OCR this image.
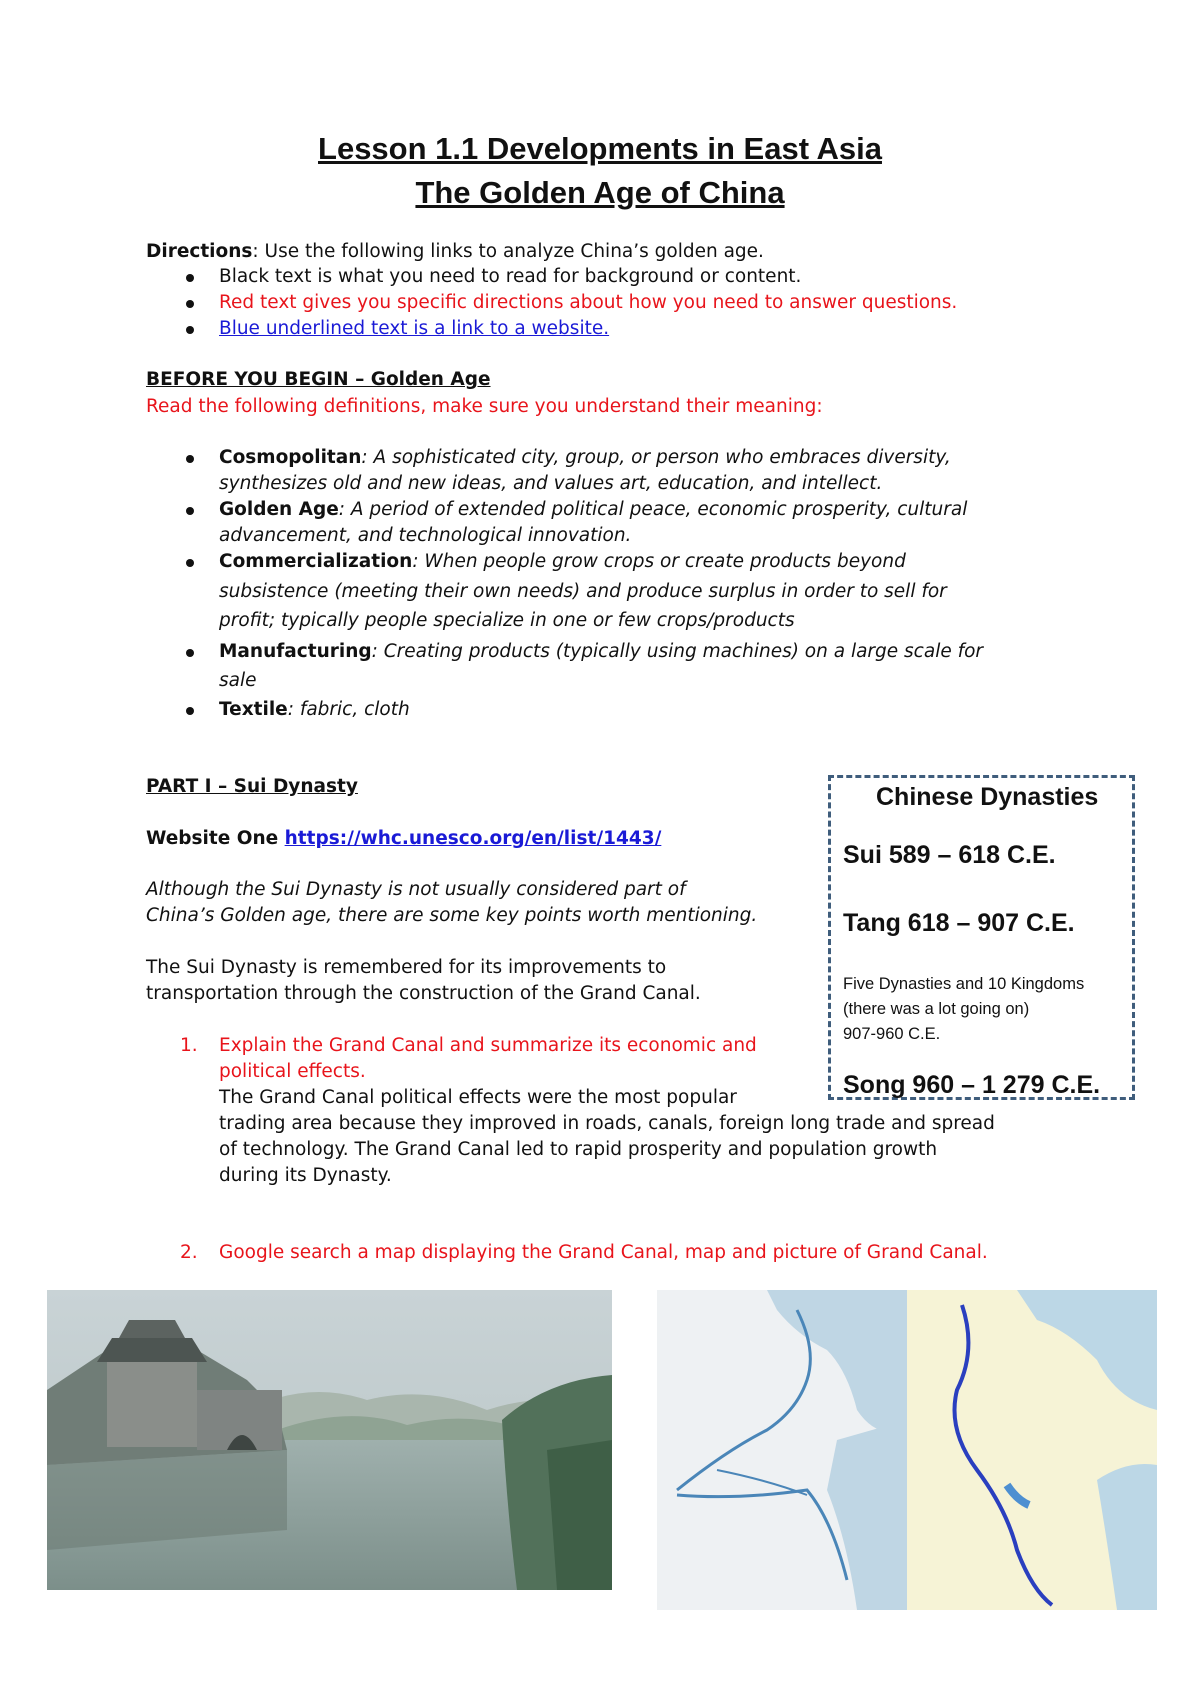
Lesson 1.1 Developments in East Asia
The Golden Age of China
Directions: Use the following links to analyze China’s golden age.
Black text is what you need to read for background or content.
Red text gives you specific directions about how you need to answer questions.
Blue underlined text is a link to a website.
BEFORE YOU BEGIN – Golden Age
Read the following definitions, make sure you understand their meaning:
Cosmopolitan: A sophisticated city, group, or person who embraces diversity,
synthesizes old and new ideas, and values art, education, and intellect.
Golden Age: A period of extended political peace, economic prosperity, cultural
advancement, and technological innovation.
Commercialization: When people grow crops or create products beyond
subsistence (meeting their own needs) and produce surplus in order to sell for
profit; typically people specialize in one or few crops/products
Manufacturing: Creating products (typically using machines) on a large scale for
sale
Textile: fabric, cloth
PART I – Sui Dynasty
Website One https://whc.unesco.org/en/list/1443/
Although the Sui Dynasty is not usually considered part of
China’s Golden age, there are some key points worth mentioning.
The Sui Dynasty is remembered for its improvements to
transportation through the construction of the Grand Canal.
1. Explain the Grand Canal and summarize its economic and
political effects.
The Grand Canal political effects were the most popular
trading area because they improved in roads, canals, foreign long trade and spread
of technology. The Grand Canal led to rapid prosperity and population growth
during its Dynasty.
2. Google search a map displaying the Grand Canal, map and picture of Grand Canal.
Chinese Dynasties
Sui 589 – 618 C.E.
Tang 618 – 907 C.E.
Five Dynasties and 10 Kingdoms
(there was a lot going on)
907-960 C.E.
Song 960 – 1 279 C.E.
